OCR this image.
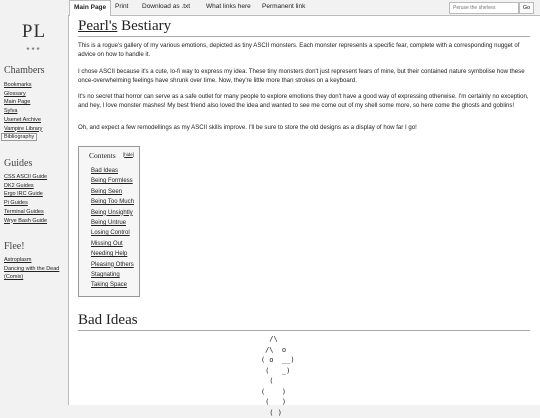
PL
***
Chambers
Bookmarks
Glossary
Main Page
Sylva
Usenet Archive
Vampire Library
Bibliography
Guides
CSS ASCII Guide
DK2 Guides
Ergo IRC Guide
Pi Guides
Terminal Guides
Wrye Bash Guide
Flee!
Astroplasm
Dancing with the Dead
(Comix)
Main Page	Print Download as .txt What links here Permanent link
Peruse the shelves	Go
Pearl's Bestiary

This is a rogue's gallery of my various emotions, depicted as tiny ASCII monsters. Each monster represents a specific fear, complete with a corresponding nugget of advice on how to handle it.

I chose ASCII because it's a cute, lo-fi way to express my idea. These tiny monsters don't just represent fears of mine, but their contained nature symbolise how these once-overwhelming feelings have shrunk over time. Now, they're little more than strokes on a keyboard.

It's no secret that horror can serve as a safe outlet for many people to explore emotions they don't have a good way of expressing otherwise. I'm certainly no exception, and hey, I love monster mashes! My best friend also loved the idea and wanted to see me come out of my shell some more, so here come the ghosts and goblins!

Oh, and expect a few remodellings as my ASCII skills improve. I'll be sure to store the old designs as a display of how far I go!

Contents [hide]
Bad Ideas
Being Formless
Being Seen
Being Too Much
Being Unsightly
Being Untrue
Losing Control
Missing Out
Needing Help
Pleasing Others
Stagnating
Taking Space
Bad Ideas
/\
/\  o
( o  __)
(   _)
(
(    )
(   )
( )
